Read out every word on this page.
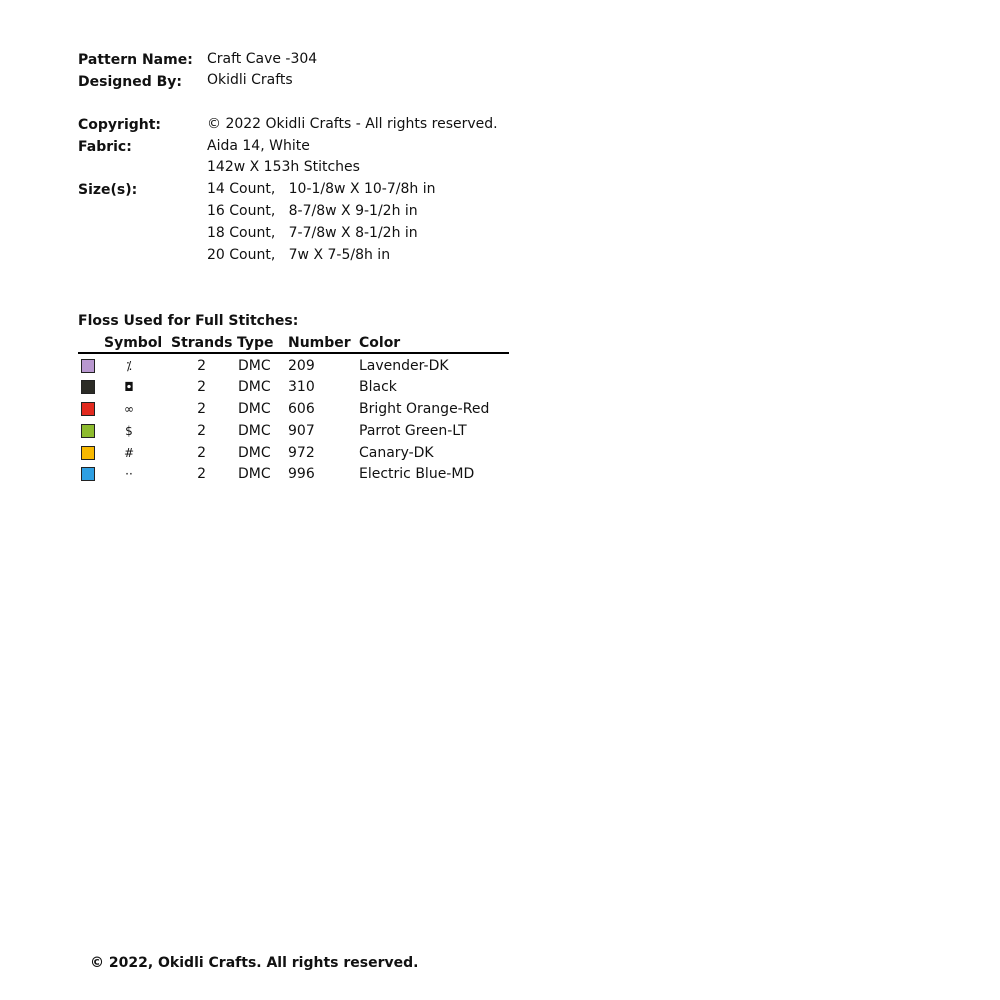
Pattern Name: Craft Cave -304
Designed By: Okidli Crafts
Copyright:	© 2022 Okidli Crafts - All rights reserved.
Fabric:	Aida 14, White
142w X 153h Stitches
Size(s):	14 Count,   10-1/8w X 10-7/8h in
16 Count,   8-7/8w X 9-1/2h in
18 Count,   7-7/8w X 8-1/2h in
20 Count,   7w X 7-5/8h in
Floss Used for Full Stitches:
Symbol Strands Type Number Color
⁒	2 DMC 209	Lavender-DK
◘	2 DMC 310	Black
∞	2 DMC 606	Bright Orange-Red
$	2 DMC 907	Parrot Green-LT
#	2 DMC 972	Canary-DK
··	2 DMC 996	Electric Blue-MD
© 2022, Okidli Crafts. All rights reserved.
